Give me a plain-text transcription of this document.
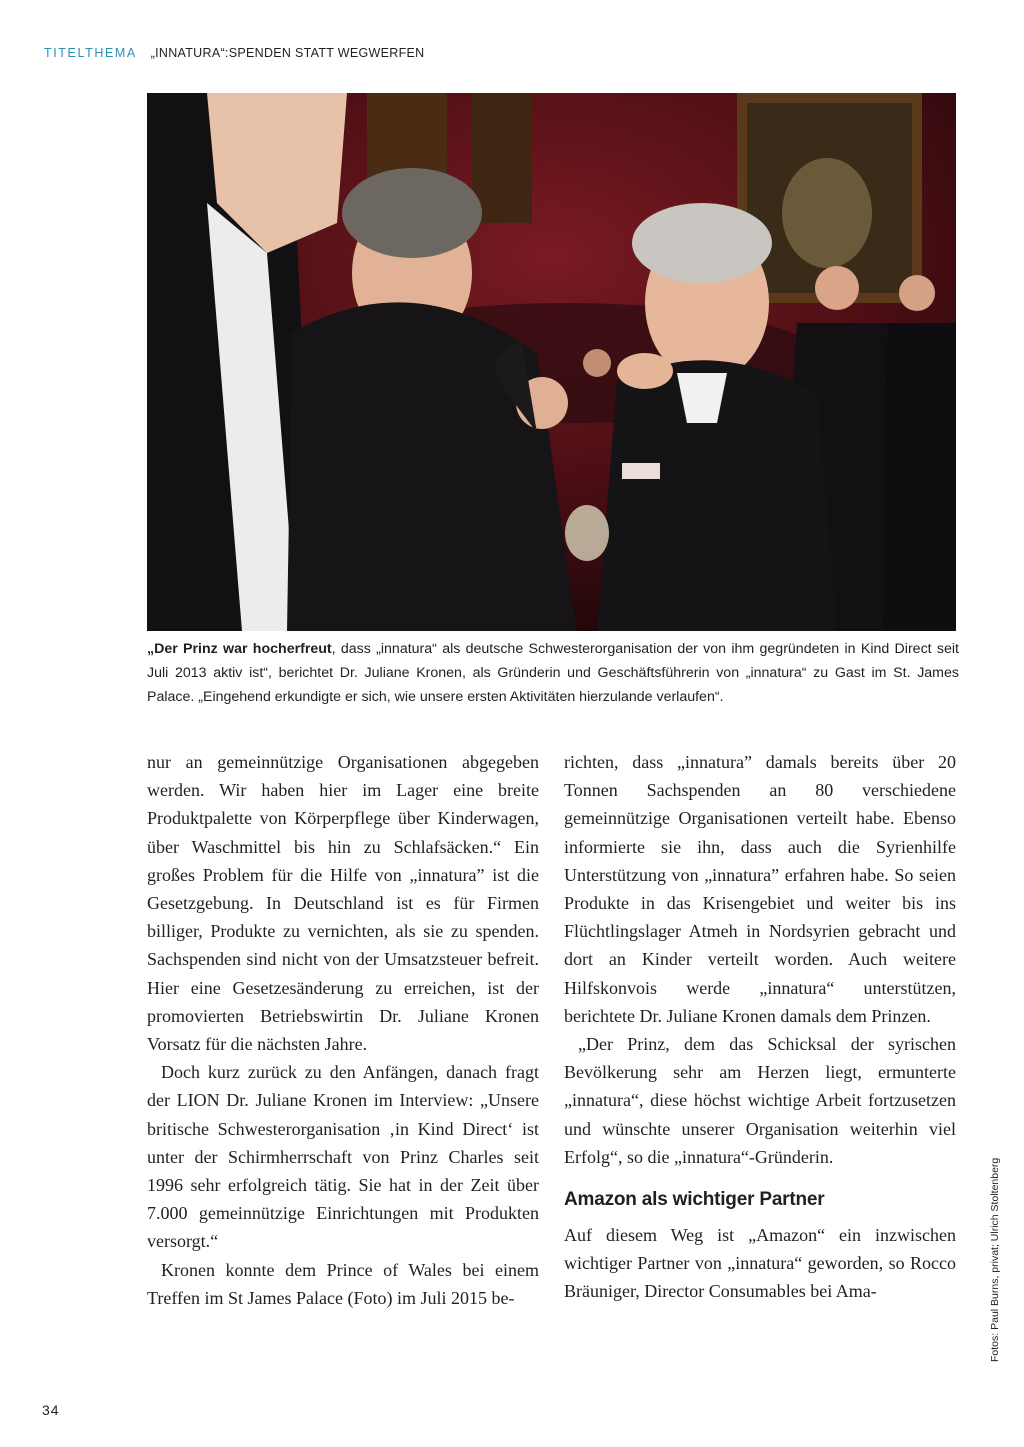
TITELTHEMA „INNATURA“:SPENDEN STATT WEGWERFEN
„Der Prinz war hocherfreut, dass „innatura“ als deutsche Schwesterorganisation der von ihm gegründeten in Kind Direct seit Juli 2013 aktiv ist“, berichtet Dr. Juliane Kronen, als Gründerin und Geschäftsführerin von „innatura“ zu Gast im St. James Palace. „Eingehend erkundigte er sich, wie unsere ersten Aktivitäten hierzulande verlaufen“.

nur an gemeinnützige Organisationen abgegeben werden. Wir haben hier im Lager eine breite Produktpalette von Körperpflege über Kinderwagen, über Waschmittel bis hin zu Schlafsäcken.“ Ein großes Problem für die Hilfe von „innatura” ist die Gesetzgebung. In Deutschland ist es für Firmen billiger, Produkte zu vernichten, als sie zu spenden. Sachspenden sind nicht von der Umsatzsteuer befreit. Hier eine Gesetzesänderung zu erreichen, ist der promovierten Betriebswirtin Dr. Juliane Kronen Vorsatz für die nächsten Jahre.

Doch kurz zurück zu den Anfängen, danach fragt der LION Dr. Juliane Kronen im Interview: „Unsere britische Schwesterorganisation ‚in Kind Direct‘ ist unter der Schirmherrschaft von Prinz Charles seit 1996 sehr erfolgreich tätig. Sie hat in der Zeit über 7.000 gemeinnützige Einrichtungen mit Produkten versorgt.“

Kronen konnte dem Prince of Wales bei einem Treffen im St James Palace (Foto) im Juli 2015 be-

richten, dass „innatura” damals bereits über 20 Tonnen Sachspenden an 80 verschiedene gemeinnützige Organisationen verteilt habe. Ebenso informierte sie ihn, dass auch die Syrienhilfe Unterstützung von „innatura” erfahren habe. So seien Produkte in das Krisengebiet und weiter bis ins Flüchtlingslager Atmeh in Nordsyrien gebracht und dort an Kinder verteilt worden. Auch weitere Hilfskonvois werde „innatura“ unterstützen, berichtete Dr. Juliane Kronen damals dem Prinzen.

„Der Prinz, dem das Schicksal der syrischen Bevölkerung sehr am Herzen liegt, ermunterte „innatura“, diese höchst wichtige Arbeit fortzusetzen und wünschte unserer Organisation weiterhin viel Erfolg“, so die „innatura“-Gründerin.

Amazon als wichtiger Partner

Auf diesem Weg ist „Amazon“ ein inzwischen wichtiger Partner von „innatura“ geworden, so Rocco Bräuniger, Director Consumables bei Ama-	Fotos: Paul Burns, privat; Ulrich Stoltenberg
34
